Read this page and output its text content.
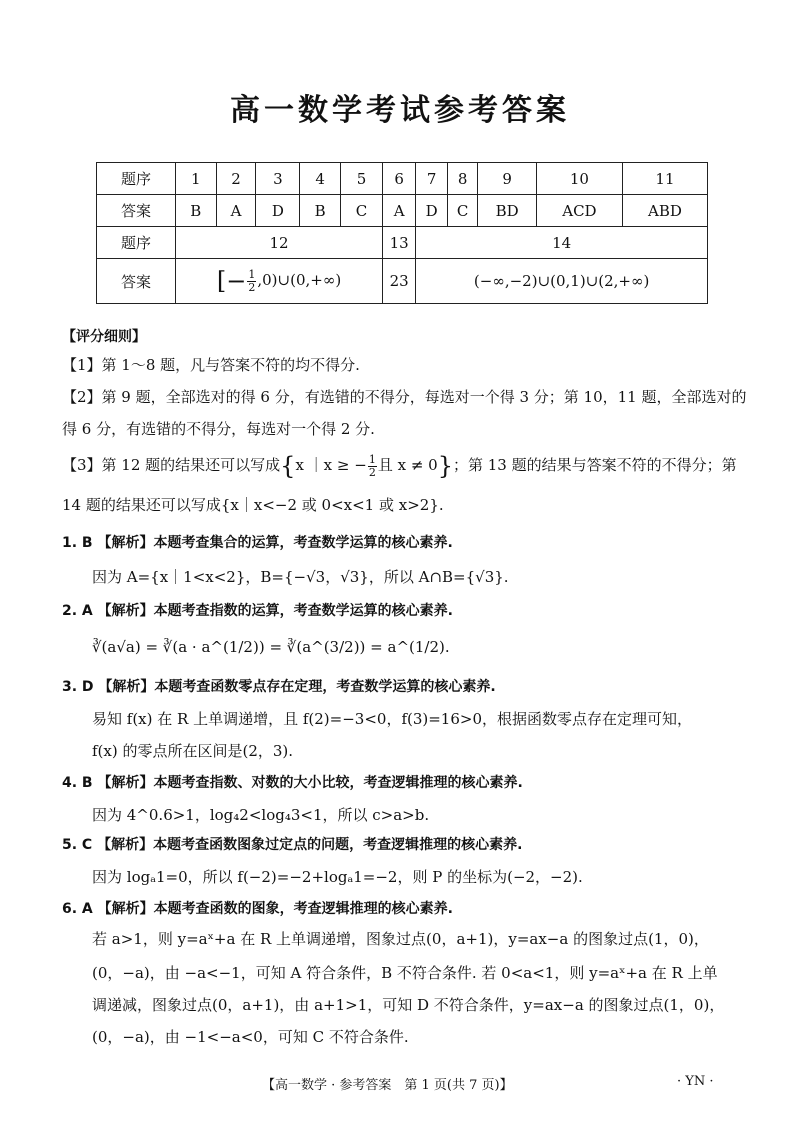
高一数学考试参考答案
题序	1	2	3	4	5	6	7	8	9	10	11
答案	B	A	D	B	C	A	D	C	BD	ACD	ABD
题序	12					13	14				
答案	[− $\frac{1}{2}$ ,0)∪(0,+∞)					23	(−∞,−2)∪(0,1)∪(2,+∞)				
【评分细则】
【1】第 1～8 题，凡与答案不符的均不得分.
【2】第 9 题，全部选对的得 6 分，有选错的不得分，每选对一个得 3 分；第 10，11 题，全部选对的
得 6 分，有选错的不得分，每选对一个得 2 分.
【3】第 12 题的结果还可以写成{x ｜x ≥ − $\frac{1}{2}$ 且 x ≠ 0}；第 13 题的结果与答案不符的不得分；第
14 题的结果还可以写成{x｜x<−2 或 0<x<1 或 x>2}.
1. B 【解析】本题考查集合的运算，考查数学运算的核心素养.
因为 A={x｜1<x<2}，B={−√3，√3}，所以 A∩B={√3}.
2. A 【解析】本题考查指数的运算，考查数学运算的核心素养.
∛(a√a) = ∛(a · a^(1/2)) = ∛(a^(3/2)) = a^(1/2).
3. D 【解析】本题考查函数零点存在定理，考查数学运算的核心素养.
易知 f(x) 在 R 上单调递增，且 f(2)=−3<0，f(3)=16>0，根据函数零点存在定理可知，
f(x) 的零点所在区间是(2，3).
4. B 【解析】本题考查指数、对数的大小比较，考查逻辑推理的核心素养.
因为 4^0.6>1，log₄2<log₄3<1，所以 c>a>b.
5. C 【解析】本题考查函数图象过定点的问题，考查逻辑推理的核心素养.
因为 logₐ1=0，所以 f(−2)=−2+logₐ1=−2，则 P 的坐标为(−2，−2).
6. A 【解析】本题考查函数的图象，考查逻辑推理的核心素养.
若 a>1，则 y=aˣ+a 在 R 上单调递增，图象过点(0，a+1)，y=ax−a 的图象过点(1，0)，
(0，−a)，由 −a<−1，可知 A 符合条件，B 不符合条件. 若 0<a<1，则 y=aˣ+a 在 R 上单
调递减，图象过点(0，a+1)，由 a+1>1，可知 D 不符合条件，y=ax−a 的图象过点(1，0)，
(0，−a)，由 −1<−a<0，可知 C 不符合条件.
【高一数学 · 参考答案　第 1 页(共 7 页)】	· YN ·
